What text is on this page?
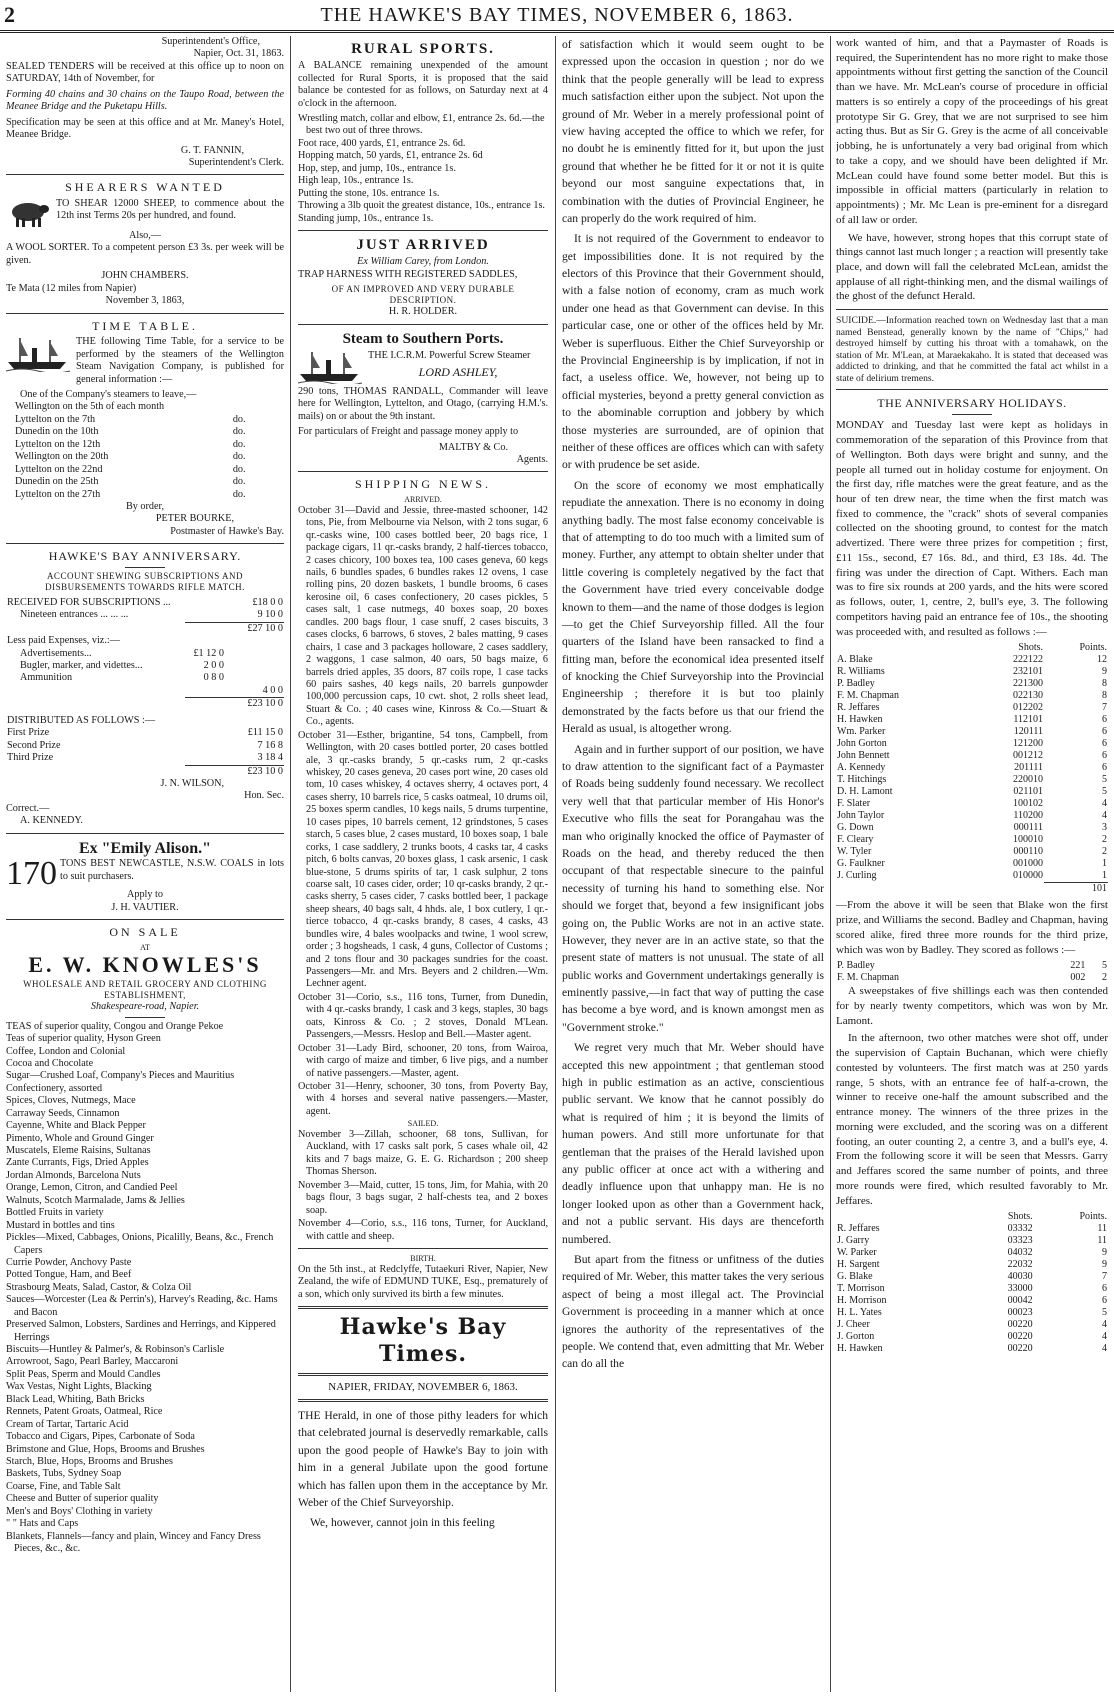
2	THE HAWKE'S BAY TIMES, NOVEMBER 6, 1863.
Superintendent's Office,
Napier, Oct. 31, 1863.

SEALED TENDERS will be received at this office up to noon on SATURDAY, 14th of November, for

Forming 40 chains and 30 chains on the Taupo Road, between the Meanee Bridge and the Puketapu Hills.

Specification may be seen at this office and at Mr. Maney's Hotel, Meanee Bridge.

G. T. FANNIN,
Superintendent's Clerk.
SHEARERS WANTED

TO SHEAR 12000 SHEEP, to commence about the 12th inst Terms 20s per hundred, and found.

Also,—

A WOOL SORTER. To a competent person £3 3s. per week will be given.

JOHN CHAMBERS.
Te Mata (12 miles from Napier)
November 3, 1863,
TIME TABLE.

THE following Time Table, for a service to be performed by the steamers of the Wellington Steam Navigation Company, is published for general information :—

One of the Company's steamers to leave,—
Wellington on the 5th of each month	
Lyttelton on the 7th	do.
Dunedin on the 10th	do.
Lyttelton on the 12th	do.
Wellington on the 20th	do.
Lyttelton on the 22nd	do.
Dunedin on the 25th	do.
Lyttelton on the 27th	do.
By order,
PETER BOURKE,
Postmaster of Hawke's Bay.
HAWKE'S BAY ANNIVERSARY.
ACCOUNT SHEWING SUBSCRIPTIONS AND DISBURSEMENTS TOWARDS RIFLE MATCH.
RECEIVED FOR SUBSCRIPTIONS ...	£18 0 0
Nineteen entrances ... ... ...	9 10 0
	£27 10 0
Less paid Expenses, viz.:—	
Advertisements...	£1 12 0
Bugler, marker, and videttes...	2 0 0
Ammunition	0 8 0
	4 0 0
	£23 10 0
DISTRIBUTED AS FOLLOWS :—	
First Prize	£11 15 0
Second Prize	7 16 8
Third Prize	3 18 4
	£23 10 0
J. N. WILSON,
Hon. Sec.
Correct.—
A. KENNEDY.
Ex "Emily Alison."
170 TONS BEST NEWCASTLE, N.S.W. COALS in lots to suit purchasers.

Apply to
J. H. VAUTIER.
ON SALE
AT
E. W. KNOWLES'S
WHOLESALE AND RETAIL GROCERY AND CLOTHING ESTABLISHMENT,
Shakespeare-road, Napier.
TEAS of superior quality, Congou and Orange Pekoe
Teas of superior quality, Hyson Green
Coffee, London and Colonial
Cocoa and Chocolate
Sugar—Crushed Loaf, Company's Pieces and Mauritius
Confectionery, assorted
Spices, Cloves, Nutmegs, Mace
Carraway Seeds, Cinnamon
Cayenne, White and Black Pepper
Pimento, Whole and Ground Ginger
Muscatels, Eleme Raisins, Sultanas
Zante Currants, Figs, Dried Apples
Jordan Almonds, Barcelona Nuts
Orange, Lemon, Citron, and Candied Peel
Walnuts, Scotch Marmalade, Jams & Jellies
Bottled Fruits in variety
Mustard in bottles and tins
Pickles—Mixed, Cabbages, Onions, Picalilly, Beans, &c., French Capers
Currie Powder, Anchovy Paste
Potted Tongue, Ham, and Beef
Strasbourg Meats, Salad, Castor, & Colza Oil
Sauces—Worcester (Lea & Perrin's), Harvey's Reading, &c. Hams and Bacon
Preserved Salmon, Lobsters, Sardines and Herrings, and Kippered Herrings
Biscuits—Huntley & Palmer's, & Robinson's Carlisle
Arrowroot, Sago, Pearl Barley, Maccaroni
Split Peas, Sperm and Mould Candles
Wax Vestas, Night Lights, Blacking
Black Lead, Whiting, Bath Bricks
Rennets, Patent Groats, Oatmeal, Rice
Cream of Tartar, Tartaric Acid
Tobacco and Cigars, Pipes, Carbonate of Soda
Brimstone and Glue, Hops, Brooms and Brushes
Starch, Blue, Hops, Brooms and Brushes
Baskets, Tubs, Sydney Soap
Coarse, Fine, and Table Salt
Cheese and Butter of superior quality
Men's and Boys' Clothing in variety
" " Hats and Caps
Blankets, Flannels—fancy and plain, Wincey and Fancy Dress Pieces, &c., &c.
RURAL SPORTS.

A BALANCE remaining unexpended of the amount collected for Rural Sports, it is proposed that the said balance be contested for as follows, on Saturday next at 4 o'clock in the afternoon.

Wrestling match, collar and elbow, £1, entrance 2s. 6d.—the best two out of three throws.
Foot race, 400 yards, £1, entrance 2s. 6d.
Hopping match, 50 yards, £1, entrance 2s. 6d
Hop, step, and jump, 10s., entrance 1s.
High leap, 10s., entrance 1s.
Putting the stone, 10s. entrance 1s.
Throwing a 3lb quoit the greatest distance, 10s., entrance 1s.
Standing jump, 10s., entrance 1s.
JUST ARRIVED
Ex William Carey, from London.

TRAP HARNESS WITH REGISTERED SADDLES,

OF AN IMPROVED AND VERY DURABLE DESCRIPTION.
H. R. HOLDER.
Steam to Southern Ports.

THE I.C.R.M. Powerful Screw Steamer

LORD ASHLEY,

290 tons, THOMAS RANDALL, Commander will leave here for Wellington, Lyttelton, and Otago, (carrying H.M.'s. mails) on or about the 9th instant.

For particulars of Freight and passage money apply to

MALTBY & Co.
Agents.
SHIPPING NEWS.
ARRIVED.
October 31—David and Jessie, three-masted schooner, 142 tons, Pie, from Melbourne via Nelson, with 2 tons sugar, 6 qr.-casks wine, 100 cases bottled beer, 20 bags rice, 1 package cigars, 11 qr.-casks brandy, 2 half-tierces tobacco, 2 cases chicory, 100 boxes tea, 100 cases geneva, 60 kegs nails, 6 bundles spades, 6 bundles rakes 12 ovens, 1 case rolling pins, 20 dozen baskets, 1 bundle brooms, 6 cases kerosine oil, 6 cases confectionery, 20 cases pickles, 5 cases salt, 1 case nutmegs, 40 boxes soap, 20 boxes candles. 200 bags flour, 1 case snuff, 2 cases biscuits, 3 cases clocks, 6 barrows, 6 stoves, 2 bales matting, 9 cases chairs, 1 case and 3 packages holloware, 2 cases saddlery, 2 waggons, 1 case salmon, 40 oars, 50 bags maize, 6 barrels dried apples, 35 doors, 87 coils rope, 1 case tacks 60 pairs sashes, 40 kegs nails, 20 barrels gunpowder 100,000 percussion caps, 10 cwt. shot, 2 rolls sheet lead, Stuart & Co. ; 40 cases wine, Kinross & Co.—Stuart & Co., agents.
October 31—Esther, brigantine, 54 tons, Campbell, from Wellington, with 20 cases bottled porter, 20 cases bottled ale, 3 qr.-casks brandy, 5 qr.-casks rum, 2 qr.-casks whiskey, 20 cases geneva, 20 cases port wine, 20 cases old tom, 10 cases whiskey, 4 octaves sherry, 4 octaves port, 4 cases sherry, 10 barrels rice, 5 casks oatmeal, 10 drums oil, 25 boxes sperm candles, 10 kegs nails, 5 drums turpentine, 10 cases pipes, 10 barrels cement, 12 grindstones, 5 cases starch, 5 cases blue, 2 cases mustard, 10 boxes soap, 1 bale corks, 1 case saddlery, 2 trunks boots, 4 casks tar, 4 casks pitch, 6 bolts canvas, 20 boxes glass, 1 cask arsenic, 1 cask blue-stone, 5 drums spirits of tar, 1 cask sulphur, 2 tons coarse salt, 10 cases cider, order; 10 qr-casks brandy, 2 qr.-casks sherry, 5 cases cider, 7 casks bottled beer, 1 package sheep shears, 40 bags salt, 4 hhds. ale, 1 box cutlery, 1 qr.-tierce tobacco, 4 qr.-casks brandy, 8 cases, 4 casks, 43 bundles wire, 4 bales woolpacks and twine, 1 wool screw, order ; 3 hogsheads, 1 cask, 4 guns, Collector of Customs ; and 2 tons flour and 30 packages sundries for the coast. Passengers—Mr. and Mrs. Beyers and 2 children.—Wm. Lechner agent.
October 31—Corio, s.s., 116 tons, Turner, from Dunedin, with 4 qr.-casks brandy, 1 cask and 3 kegs, staples, 30 bags oats, Kinross & Co. ; 2 stoves, Donald M'Lean. Passengers,—Messrs. Heslop and Bell.—Master agent.
October 31—Lady Bird, schooner, 20 tons, from Wairoa, with cargo of maize and timber, 6 live pigs, and a number of native passengers.—Master, agent.
October 31—Henry, schooner, 30 tons, from Poverty Bay, with 4 horses and several native passengers.—Master, agent.
SAILED.
November 3—Zillah, schooner, 68 tons, Sullivan, for Auckland, with 17 casks salt pork, 5 cases whale oil, 42 kits and 7 bags maize, G. E. G. Richardson ; 200 sheep Thomas Sherson.
November 3—Maid, cutter, 15 tons, Jim, for Mahia, with 20 bags flour, 3 bags sugar, 2 half-chests tea, and 2 boxes soap.
November 4—Corio, s.s., 116 tons, Turner, for Auckland, with cattle and sheep.
BIRTH.

On the 5th inst., at Redclyffe, Tutaekuri River, Napier, New Zealand, the wife of EDMUND TUKE, Esq., prematurely of a son, which only survived its birth a few minutes.

Hawke's Bay Times.
NAPIER, FRIDAY, NOVEMBER 6, 1863.

THE Herald, in one of those pithy leaders for which that celebrated journal is deservedly remarkable, calls upon the good people of Hawke's Bay to join with him in a general Jubilate upon the good fortune which has fallen upon them in the acceptance by Mr. Weber of the Chief Surveyorship.

We, however, cannot join in this feeling

of satisfaction which it would seem ought to be expressed upon the occasion in question ; nor do we think that the people generally will be lead to express much satisfaction either upon the subject. Not upon the ground of Mr. Weber in a merely professional point of view having accepted the office to which we refer, for no doubt he is eminently fitted for it, but upon the just ground that whether he be fitted for it or not it is quite beyond our most sanguine expectations that, in combination with the duties of Provincial Engineer, he can properly do the work required of him.

It is not required of the Government to endeavor to get impossibilities done. It is not required by the electors of this Province that their Government should, with a false notion of economy, cram as much work under one head as that Government can devise. In this particular case, one or other of the offices held by Mr. Weber is superfluous. Either the Chief Surveyorship or the Provincial Engineership is by implication, if not in fact, a useless office. We, however, not being up to official mysteries, beyond a pretty general conviction as to the abominable corruption and jobbery by which those mysteries are surrounded, are of opinion that neither of these offices are offices which can with safety or with prudence be set aside.

On the score of economy we most emphatically repudiate the annexation. There is no economy in doing anything badly. The most false economy conceivable is that of attempting to do too much with a limited sum of money. Further, any attempt to obtain shelter under that little covering is completely negatived by the fact that the Government have tried every conceivable dodge known to them—and the name of those dodges is legion—to get the Chief Surveyorship filled. All the four quarters of the Island have been ransacked to find a fitting man, before the economical idea presented itself of knocking the Chief Surveyorship into the Provincial Engineership ; therefore it is but too plainly demonstrated by the facts before us that our friend the Herald as usual, is altogether wrong.

Again and in further support of our position, we have to draw attention to the significant fact of a Paymaster of Roads being suddenly found necessary. We recollect very well that that particular member of His Honor's Executive who fills the seat for Porangahau was the man who originally knocked the office of Paymaster of Roads on the head, and thereby reduced the then occupant of that respectable sinecure to the painful necessity of turning his hand to something else. Nor should we forget that, beyond a few insignificant jobs going on, the Public Works are not in an active state. However, they never are in an active state, so that the present state of matters is not unusual. The state of all public works and Government undertakings generally is eminently passive,—in fact that way of putting the case has become a bye word, and is known amongst men as "Government stroke."

We regret very much that Mr. Weber should have accepted this new appointment ; that gentleman stood high in public estimation as an active, conscientious public servant. We know that he cannot possibly do what is required of him ; it is beyond the limits of human powers. And still more unfortunate for that gentleman that the praises of the Herald lavished upon any public officer at once act with a withering and deadly influence upon that unhappy man. He is no longer looked upon as other than a Government hack, and not a public servant. His days are thenceforth numbered.

But apart from the fitness or unfitness of the duties required of Mr. Weber, this matter takes the very serious aspect of being a most illegal act. The Provincial Government is proceeding in a manner which at once ignores the authority of the representatives of the people. We contend that, even admitting that Mr. Weber can do all the

work wanted of him, and that a Paymaster of Roads is required, the Superintendent has no more right to make those appointments without first getting the sanction of the Council than we have. Mr. McLean's course of procedure in official matters is so entirely a copy of the proceedings of his great prototype Sir G. Grey, that we are not surprised to see him acting thus. But as Sir G. Grey is the acme of all conceivable jobbing, he is unfortunately a very bad original from which to take a copy, and we should have been delighted if Mr. McLean could have found some better model. But this is impossible in official matters (particularly in relation to appointments) ; Mr. Mc Lean is pre-eminent for a disregard of all law or order.

We have, however, strong hopes that this corrupt state of things cannot last much longer ; a reaction will presently take place, and down will fall the celebrated McLean, amidst the applause of all right-thinking men, and the dismal wailings of the ghost of the defunct Herald.

SUICIDE.—Information reached town on Wednesday last that a man named Benstead, generally known by the name of "Chips," had destroyed himself by cutting his throat with a tomahawk, on the station of Mr. M'Lean, at Maraekakaho. It is stated that deceased was addicted to drinking, and that he committed the fatal act whilst in a state of delirium tremens.

THE ANNIVERSARY HOLIDAYS.

MONDAY and Tuesday last were kept as holidays in commemoration of the separation of this Province from that of Wellington. Both days were bright and sunny, and the people all turned out in holiday costume for enjoyment. On the first day, rifle matches were the great feature, and as the hour of ten drew near, the time when the first match was fixed to commence, the "crack" shots of several companies collected on the shooting ground, to contest for the match advertized. There were three prizes for competition ; first, £11 15s., second, £7 16s. 8d., and third, £3 18s. 4d. The firing was under the direction of Capt. Withers. Each man was to fire six rounds at 200 yards, and the hits were scored as follows, outer, 1, centre, 2, bull's eye, 3. The following competitors having paid an entrance fee of 10s., the shooting was proceeded with, and resulted as follows :—

	Shots.	Points.
A. Blake	222122	12
R. Williams	232101	9
P. Badley	221300	8
F. M. Chapman	022130	8
R. Jeffares	012202	7
H. Hawken	112101	6
Wm. Parker	120111	6
John Gorton	121200	6
John Bennett	001212	6
A. Kennedy	201111	6
T. Hitchings	220010	5
D. H. Lamont	021101	5
F. Slater	100102	4
John Taylor	110200	4
G. Down	000111	3
F. Cleary	100010	2
W. Tyler	000110	2
G. Faulkner	001000	1
J. Curling	010000	1
		101

—From the above it will be seen that Blake won the first prize, and Williams the second. Badley and Chapman, having scored alike, fired three more rounds for the third prize, which was won by Badley. They scored as follows :—

P. Badley	221	5
F. M. Chapman	002	2

A sweepstakes of five shillings each was then contended for by nearly twenty competitors, which was won by Mr. Lamont.

In the afternoon, two other matches were shot off, under the supervision of Captain Buchanan, which were chiefly contested by volunteers. The first match was at 250 yards range, 5 shots, with an entrance fee of half-a-crown, the winner to receive one-half the amount subscribed and the entrance money. The winners of the three prizes in the morning were excluded, and the scoring was on a different footing, an outer counting 2, a centre 3, and a bull's eye, 4. From the following score it will be seen that Messrs. Garry and Jeffares scored the same number of points, and three more rounds were fired, which resulted favorably to Mr. Jeffares.

	Shots.	Points.
R. Jeffares	03332	11
J. Garry	03323	11
W. Parker	04032	9
H. Sargent	22032	9
G. Blake	40030	7
T. Morrison	33000	6
H. Morrison	00042	6
H. L. Yates	00023	5
J. Cheer	00220	4
J. Gorton	00220	4
H. Hawken	00220	4
